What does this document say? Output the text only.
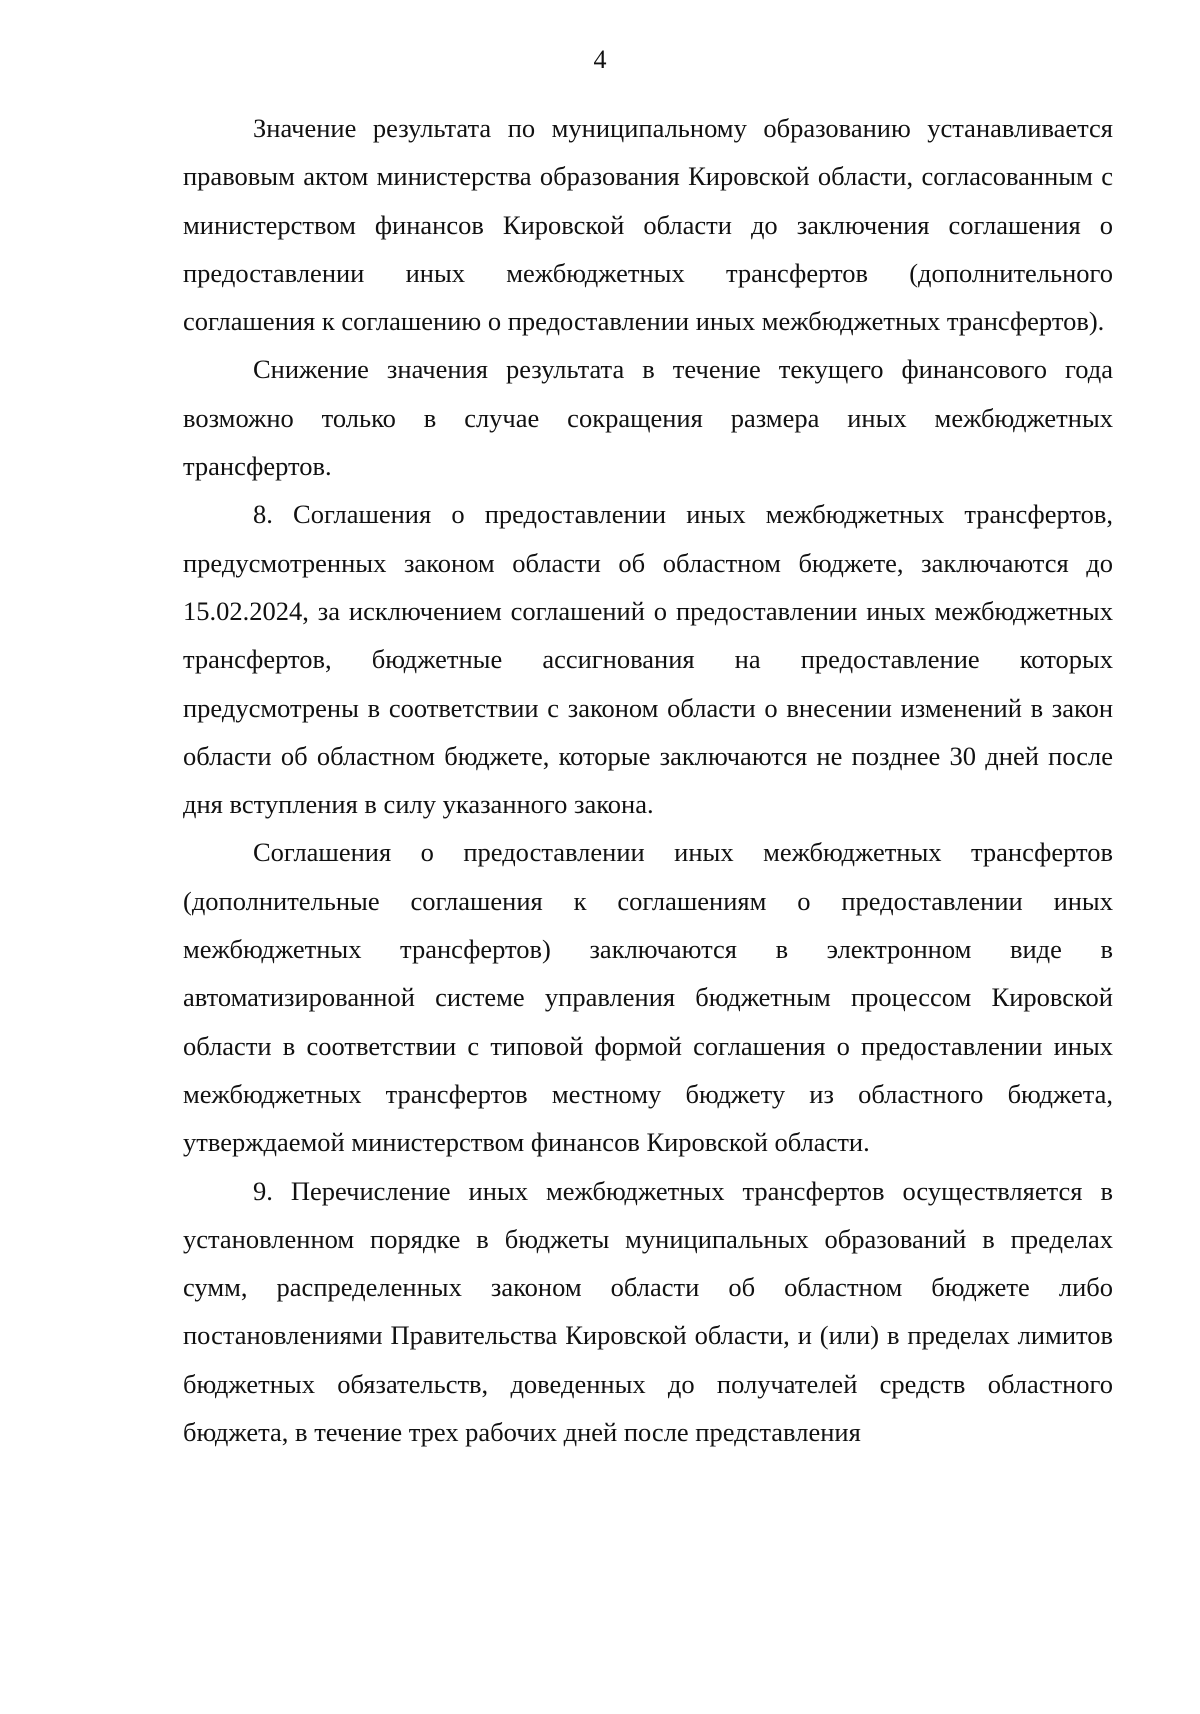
4

Значение результата по муниципальному образованию устанавливается правовым актом министерства образования Кировской области, согласованным с министерством финансов Кировской области до заключения соглашения о предоставлении иных межбюджетных трансфертов (дополнительного соглашения к соглашению о предоставлении иных межбюджетных трансфертов).

Снижение значения результата в течение текущего финансового года возможно только в случае сокращения размера иных межбюджетных трансфертов.

8. Соглашения о предоставлении иных межбюджетных трансфертов, предусмотренных законом области об областном бюджете, заключаются до 15.02.2024, за исключением соглашений о предоставлении иных межбюджетных трансфертов, бюджетные ассигнования на предоставление которых предусмотрены в соответствии с законом области о внесении изменений в закон области об областном бюджете, которые заключаются не позднее 30 дней после дня вступления в силу указанного закона.

Соглашения о предоставлении иных межбюджетных трансфертов (дополнительные соглашения к соглашениям о предоставлении иных межбюджетных трансфертов) заключаются в электронном виде в автоматизированной системе управления бюджетным процессом Кировской области в соответствии с типовой формой соглашения о предоставлении иных межбюджетных трансфертов местному бюджету из областного бюджета, утверждаемой министерством финансов Кировской области.

9. Перечисление иных межбюджетных трансфертов осуществляется в установленном порядке в бюджеты муниципальных образований в пределах сумм, распределенных законом области об областном бюджете либо постановлениями Правительства Кировской области, и (или) в пределах лимитов бюджетных обязательств, доведенных до получателей средств областного бюджета, в течение трех рабочих дней после представления
